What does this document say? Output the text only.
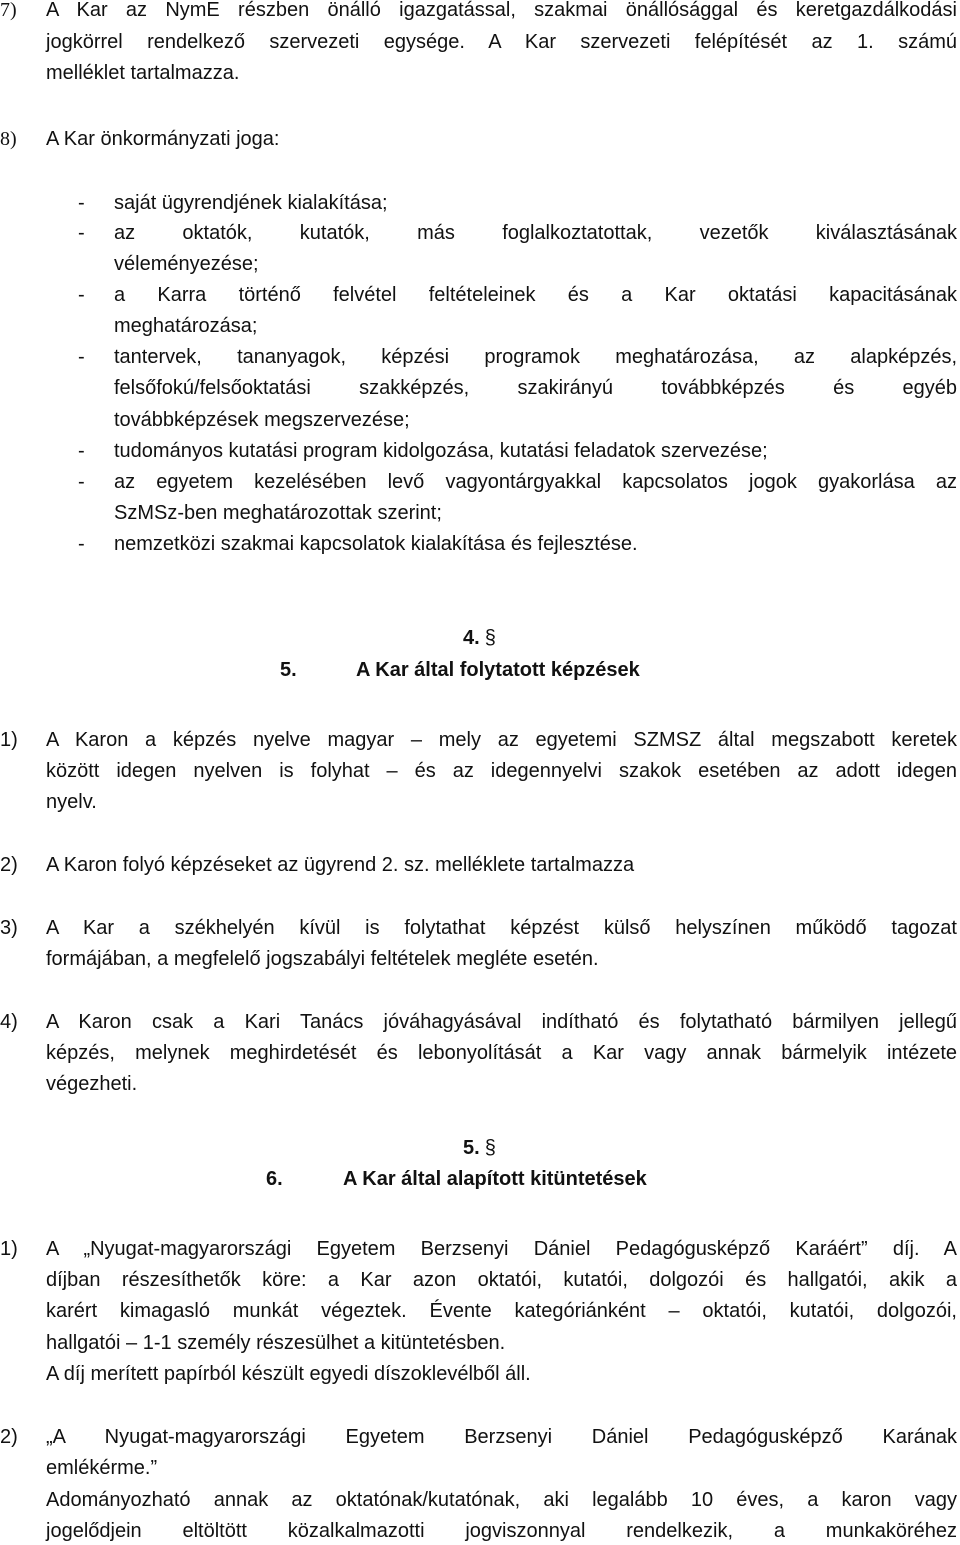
7) A Kar az NymE részben önálló igazgatással, szakmai önállósággal és keretgazdálkodási
jogkörrel rendelkező szervezeti egysége. A Kar szervezeti felépítését az 1. számú
melléklet tartalmazza.
8) A Kar önkormányzati joga:
- saját ügyrendjének kialakítása;
- az oktatók, kutatók, más foglalkoztatottak, vezetők kiválasztásának
véleményezése;
- a Karra történő felvétel feltételeinek és a Kar oktatási kapacitásának
meghatározása;
- tantervek, tananyagok, képzési programok meghatározása, az alapképzés,
felsőfokú/felsőoktatási szakképzés, szakirányú továbbképzés és egyéb
továbbképzések megszervezése;
- tudományos kutatási program kidolgozása, kutatási feladatok szervezése;
- az egyetem kezelésében levő vagyontárgyakkal kapcsolatos jogok gyakorlása az
SzMSz-ben meghatározottak szerint;
- nemzetközi szakmai kapcsolatok kialakítása és fejlesztése.
4. §
5.	A Kar által folytatott képzések
1) A Karon a képzés nyelve magyar – mely az egyetemi SZMSZ által megszabott keretek
között idegen nyelven is folyhat – és az idegennyelvi szakok esetében az adott idegen
nyelv.
2) A Karon folyó képzéseket az ügyrend 2. sz. melléklete tartalmazza
3) A Kar a székhelyén kívül is folytathat képzést külső helyszínen működő tagozat
formájában, a megfelelő jogszabályi feltételek megléte esetén.
4) A Karon csak a Kari Tanács jóváhagyásával indítható és folytatható bármilyen jellegű
képzés, melynek meghirdetését és lebonyolítását a Kar vagy annak bármelyik intézete
végezheti.
5. §
6.	A Kar által alapított kitüntetések
1) A „Nyugat-magyarországi Egyetem Berzsenyi Dániel Pedagógusképző Karáért” díj. A
díjban részesíthetők köre: a Kar azon oktatói, kutatói, dolgozói és hallgatói, akik a
karért kimagasló munkát végeztek. Évente kategóriánként – oktatói, kutatói, dolgozói,
hallgatói – 1-1 személy részesülhet a kitüntetésben.
A díj merített papírból készült egyedi díszoklevélből áll.
2) „A Nyugat-magyarországi Egyetem Berzsenyi Dániel Pedagógusképző Karának
emlékérme.”
Adományozható annak az oktatónak/kutatónak, aki legalább 10 éves, a karon vagy
jogelődjein eltöltött közalkalmazotti jogviszonnyal rendelkezik, a munkaköréhez
